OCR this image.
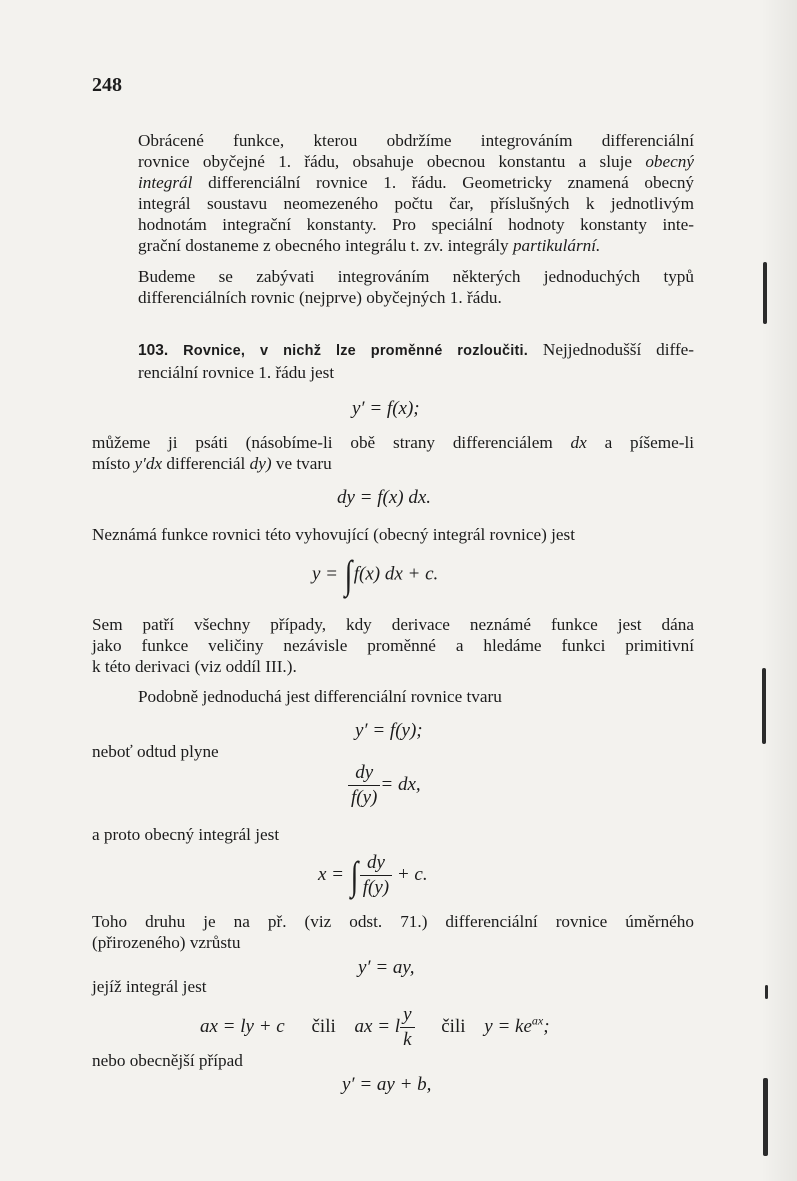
248
Obrácené funkce, kterou obdržíme integrováním differenciální
rovnice obyčejné 1. řádu, obsahuje obecnou konstantu a sluje obecný
integrál differenciální rovnice 1. řádu. Geometricky znamená obecný
integrál soustavu neomezeného počtu čar, příslušných k jednotlivým
hodnotám integrační konstanty. Pro speciální hodnoty konstanty inte-
grační dostaneme z obecného integrálu t. zv. integrály partikulární.
Budeme se zabývati integrováním některých jednoduchých typů
differenciálních rovnic (nejprve) obyčejných 1. řádu.
103. Rovnice, v nichž lze proměnné rozloučiti. Nejjednodušší diffe-
renciální rovnice 1. řádu jest
y′ = f(x);
můžeme ji psáti (násobíme-li obě strany differenciálem dx a píšeme-li
místo y′dx differenciál dy) ve tvaru
dy = f(x) dx.
Neznámá funkce rovnici této vyhovující (obecný integrál rovnice) jest
y = ∫f(x) dx + c.
Sem patří všechny případy, kdy derivace neznámé funkce jest dána
jako funkce veličiny nezávisle proměnné a hledáme funkci primitivní
k této derivaci (viz oddíl III.).
Podobně jednoduchá jest differenciální rovnice tvaru
y′ = f(y);
neboť odtud plyne
$\frac{dy}{f(y)}$ = dx,
a proto obecný integrál jest
x = ∫ $\frac{dy}{f(y)} + c$.
Toho druhu je na př. (viz odst. 71.) differenciální rovnice úměrného
(přirozeného) vzrůstu
y′ = ay,
jejíž integrál jest
ax = ly + c čili ax = l $\frac{y}{k}$ čili $y = ke^{ax}$;
nebo obecnější případ
y′ = ay + b,
